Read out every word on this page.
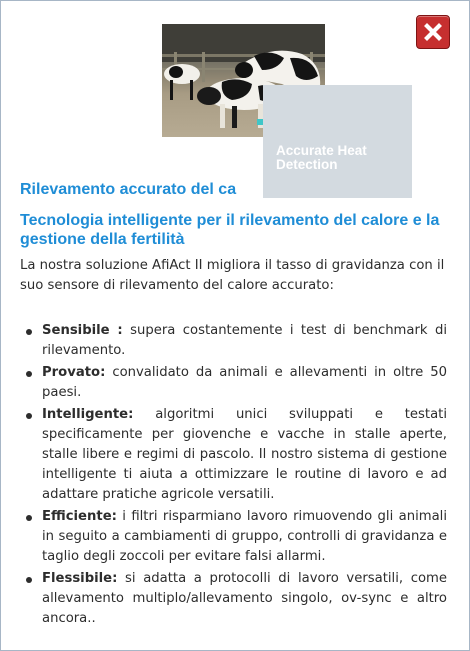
Accurate Heat
Detection
Rilevamento accurato del ca
Tecnologia intelligente per il rilevamento del calore e la gestione della fertilità

La nostra soluzione AfiAct II migliora il tasso di gravidanza con il suo sensore di rilevamento del calore accurato:

Sensibile : supera costantemente i test di benchmark di rilevamento.
Provato: convalidato da animali e allevamenti in oltre 50 paesi.
Intelligente: algoritmi unici sviluppati e testati specificamente per giovenche e vacche in stalle aperte, stalle libere e regimi di pascolo. Il nostro sistema di gestione intelligente ti aiuta a ottimizzare le routine di lavoro e ad adattare pratiche agricole versatili.
Efficiente: i filtri risparmiano lavoro rimuovendo gli animali in seguito a cambiamenti di gruppo, controlli di gravidanza e taglio degli zoccoli per evitare falsi allarmi.
Flessibile: si adatta a protocolli di lavoro versatili, come allevamento multiplo/allevamento singolo, ov-sync e altro ancora..
